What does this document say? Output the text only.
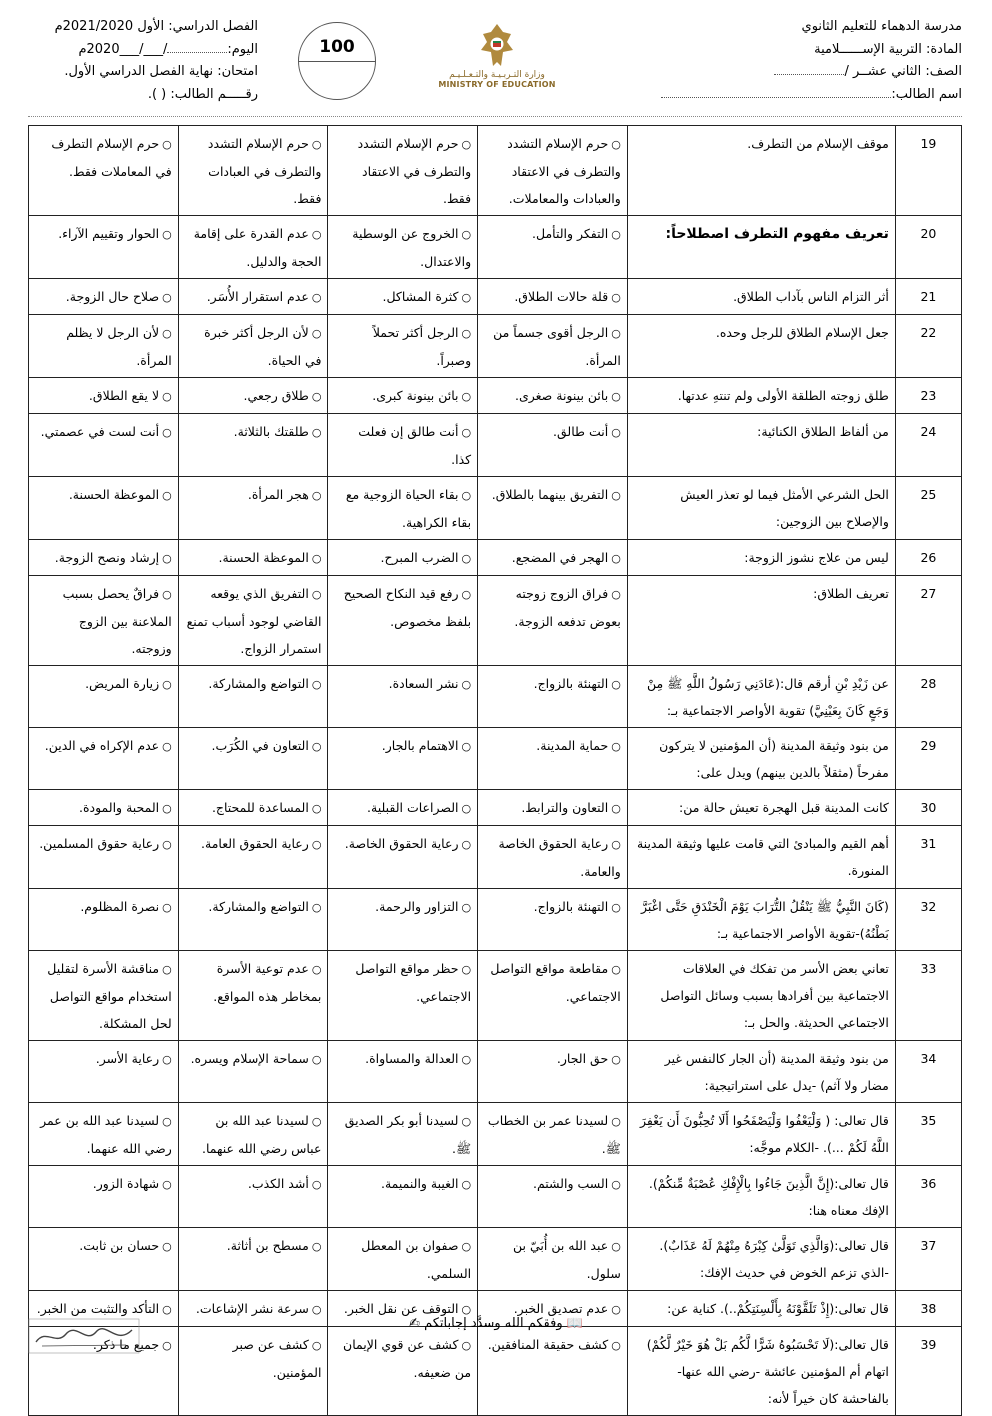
مدرسة الدهماء للتعليم الثانوي
المادة: التربية الإســــــلامية
الصف: الثاني عشــر /
اسم الطالب:
وزارة التـربـيـة والتـعـلـيـم
MINISTRY OF EDUCATION
100
الفصل الدراسي: الأول 2021/2020م
اليوم:/___/___2020م
امتحان: نهاية الفصل الدراسي الأول.
رقـــــم الطالب: ( ).
19	موقف الإسلام من التطرف.	○حرم الإسلام التشدد والتطرف في الاعتقاد والعبادات والمعاملات.	○حرم الإسلام التشدد والتطرف في الاعتقاد فقط.	○حرم الإسلام التشدد والتطرف في العبادات فقط.	○حرم الإسلام التطرف في المعاملات فقط.
20	تعريف مفهوم التطرف اصطلاحاً:	○التفكر والتأمل.	○الخروج عن الوسطية والاعتدال.	○عدم القدرة على إقامة الحجة والدليل.	○الحوار وتقييم الآراء.
21	أثر التزام الناس بآداب الطلاق.	○قلة حالات الطلاق.	○كثرة المشاكل.	○عدم استقرار الأُسَر.	○صلاح حال الزوجة.
22	جعل الإسلام الطلاق للرجل وحده.	○الرجل أقوى جسماً من المرأة.	○الرجل أكثر تحملاً وصبراً.	○لأن الرجل أكثر خبرة في الحياة.	○لأن الرجل لا يظلم المرأة.
23	طلق زوجته الطلقة الأولى ولم تنتهِ عدتها.	○بائن بينونة صغرى.	○بائن بينونة كبرى.	○طلاق رجعي.	○لا يقع الطلاق.
24	من ألفاظ الطلاق الكنائية:	○أنت طالق.	○أنت طالق إن فعلت كذا.	○طلقتك بالثلاثة.	○أنت لست في عصمتي.
25	الحل الشرعي الأمثل فيما لو تعذر العيش والإصلاح بين الزوجين:	○التفريق بينهما بالطلاق.	○بقاء الحياة الزوجية مع بقاء الكراهية.	○هجر المرأة.	○الموعظة الحسنة.
26	ليس من علاج نشوز الزوجة:	○الهجر في المضجع.	○الضرب المبرح.	○الموعظة الحسنة.	○إرشاد ونصح الزوجة.
27	تعريف الطلاق:	○فراق الزوج زوجته بعوض تدفعه الزوجة.	○رفع قيد النكاح الصحيح بلفظ مخصوص.	○التفريق الذي يوقعه القاضي لوجود أسباب تمنع استمرار الزواج.	○فراقٌ يحصل بسبب الملاعنة بين الزوج وزوجته.
28	عن زَيْدِ بْنِ أرقم قال:(عَادَنِي رَسُولُ اللَّهِ ﷺ مِنْ وَجَعٍ كَانَ بِعَيْنِيَّ) تقوية الأواصر الاجتماعية بـ:	○التهنئة بالزواج.	○نشر السعادة.	○التواضع والمشاركة.	○زيارة المريض.
29	من بنود وثيقة المدينة (أن المؤمنين لا يتركون مفرحاً (مثقلاً بالدين بينهم) ويدل على:	○حماية المدينة.	○الاهتمام بالجار.	○التعاون في الكُرَب.	○عدم الإكراه في الدين.
30	كانت المدينة قبل الهجرة تعيش حالة من:	○التعاون والترابط.	○الصراعات القبلية.	○المساعدة للمحتاج.	○المحبة والمودة.
31	أهم القيم والمبادئ التي قامت عليها وثيقة المدينة المنورة.	○رعاية الحقوق الخاصة والعامة.	○رعاية الحقوق الخاصة.	○رعاية الحقوق العامة.	○رعاية حقوق المسلمين.
32	(كَانَ النَّبِيُّ ﷺ يَنْقُلُ التُّرَابَ يَوْمَ الْخَنْدَقِ حَتَّى اغْبَرَّ بَطْنُهُ)-تقوية الأواصر الاجتماعية بـ:	○التهنئة بالزواج.	○التزاور والرحمة.	○التواضع والمشاركة.	○نصرة المظلوم.
33	تعاني بعض الأسر من تفكك في العلاقات الاجتماعية بين أفرادها بسبب وسائل التواصل الاجتماعي الحديثة. والحل بـ:	○مقاطعة مواقع التواصل الاجتماعي.	○حظر مواقع التواصل الاجتماعي.	○عدم توعية الأسرة بمخاطر هذه المواقع.	○مناقشة الأسرة لتقليل استخدام مواقع التواصل لحل المشكلة.
34	من بنود وثيقة المدينة (أن الجار كالنفس غير مضار ولا آثم) -يدل على استراتيجية:	○حق الجار.	○العدالة والمساواة.	○سماحة الإسلام ويسره.	○رعاية الأسر.
35	قال تعالى: ( وَلْيَعْفُوا وَلْيَصْفَحُوا أَلَا تُحِبُّونَ أَن يَغْفِرَ اللَّهُ لَكُمْ ...). -الكلام موجَّه:	○لسيدنا عمر بن الخطاب ﷺ.	○لسيدنا أبو بكر الصديق ﷺ.	○لسيدنا عبد الله بن عباس رضي الله عنهما.	○لسيدنا عبد الله بن عمر رضي الله عنهما.
36	قال تعالى:(إِنَّ الَّذِينَ جَاءُوا بِالْإِفْكِ عُصْبَةٌ مِّنكُمْ). الإفك معناه هنا:	○السب والشتم.	○الغيبة والنميمة.	○أشد الكذب.	○شهادة الزور.
37	قال تعالى:(وَالَّذِي تَوَلَّىٰ كِبْرَهُ مِنْهُمْ لَهُ عَذَابٌ). -الذي تزعم الخوض في حديث الإفك:	○عبد الله بن أُبَيّ بن سلول.	○صفوان بن المعطل السلمي.	○مسطح بن أثاثة.	○حسان بن ثابت.
38	قال تعالى:(إِذْ تَلَقَّوْنَهُ بِأَلْسِنَتِكُمْ..). كناية عن:	○عدم تصديق الخبر.	○التوقف عن نقل الخبر.	○سرعة نشر الإشاعات.	○التأكد والتثبت من الخبر.
39	قال تعالى:(لَا تَحْسَبُوهُ شَرًّا لَّكُم بَلْ هُوَ خَيْرٌ لَّكُمْ) اتهام أم المؤمنين عائشة -رضي الله عنها-بالفاحشة كان خيراً لأنه:	○كشف حقيقة المنافقين.	○كشف عن قوي الإيمان من ضعيفه.	○كشف عن صبر المؤمنين.	○جميع ما ذكر.
📖 وفقكم الله وسدَّد إجاباتكم ✍
